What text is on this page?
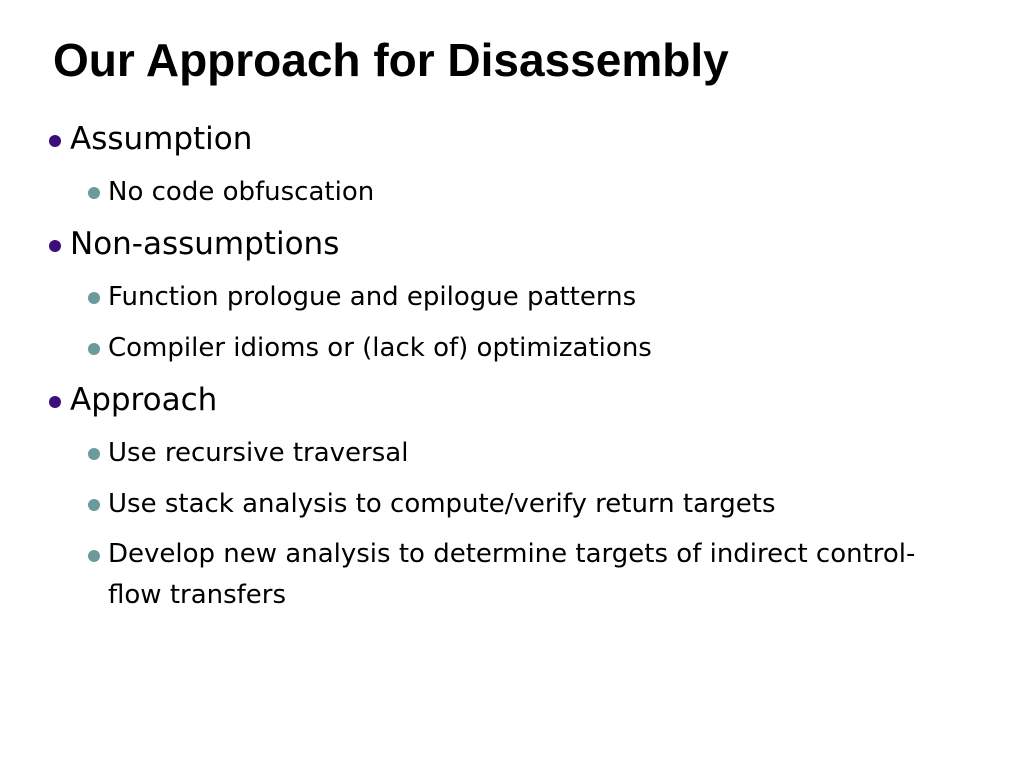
Our Approach for Disassembly
Assumption
No code obfuscation
Non-assumptions
Function prologue and epilogue patterns
Compiler idioms or (lack of) optimizations
Approach
Use recursive traversal
Use stack analysis to compute/verify return targets
Develop new analysis to determine targets of indirect control-flow transfers
